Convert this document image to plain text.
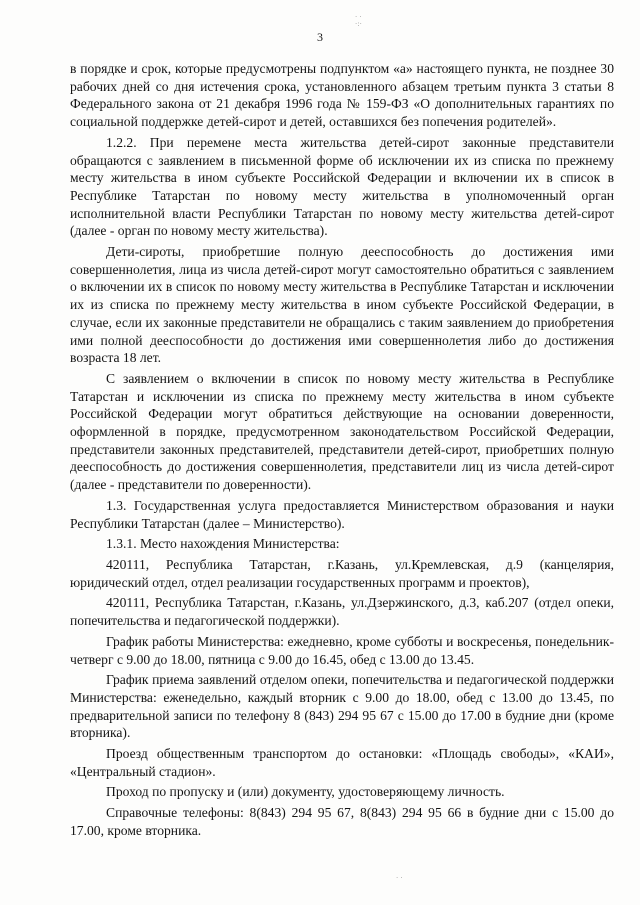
· ·
·:·
· ·
3

в порядке и срок, которые предусмотрены подпунктом «а» настоящего пункта, не позднее 30 рабочих дней со дня истечения срока, установленного абзацем третьим пункта 3 статьи 8 Федерального закона от 21 декабря 1996 года № 159-ФЗ «О дополнительных гарантиях по социальной поддержке детей-сирот и детей, оставшихся без попечения родителей».

1.2.2. При перемене места жительства детей-сирот законные представители обращаются с заявлением в письменной форме об исключении их из списка по прежнему месту жительства в ином субъекте Российской Федерации и включении их в список в Республике Татарстан по новому месту жительства в уполномоченный орган исполнительной власти Республики Татарстан по новому месту жительства детей-сирот (далее - орган по новому месту жительства).

Дети-сироты, приобретшие полную дееспособность до достижения ими совершеннолетия, лица из числа детей-сирот могут самостоятельно обратиться с заявлением о включении их в список по новому месту жительства в Республике Татарстан и исключении их из списка по прежнему месту жительства в ином субъекте Российской Федерации, в случае, если их законные представители не обращались с таким заявлением до приобретения ими полной дееспособности до достижения ими совершеннолетия либо до достижения возраста 18 лет.

С заявлением о включении в список по новому месту жительства в Республике Татарстан и исключении из списка по прежнему месту жительства в ином субъекте Российской Федерации могут обратиться действующие на основании доверенности, оформленной в порядке, предусмотренном законодательством Российской Федерации, представители законных представителей, представители детей-сирот, приобретших полную дееспособность до достижения совершеннолетия, представители лиц из числа детей-сирот (далее - представители по доверенности).

1.3. Государственная услуга предоставляется Министерством образования и науки Республики Татарстан (далее – Министерство).

1.3.1. Место нахождения Министерства:

420111, Республика Татарстан, г.Казань, ул.Кремлевская, д.9 (канцелярия, юридический отдел, отдел реализации государственных программ и проектов),

420111, Республика Татарстан, г.Казань, ул.Дзержинского, д.3, каб.207 (отдел опеки, попечительства и педагогической поддержки).

График работы Министерства: ежедневно, кроме субботы и воскресенья, понедельник-четверг с 9.00 до 18.00, пятница с 9.00 до 16.45, обед с 13.00 до 13.45.

График приема заявлений отделом опеки, попечительства и педагогической поддержки Министерства: еженедельно, каждый вторник с 9.00 до 18.00, обед с 13.00 до 13.45, по предварительной записи по телефону 8 (843) 294 95 67 с 15.00 до 17.00 в будние дни (кроме вторника).

Проезд общественным транспортом до остановки: «Площадь свободы», «КАИ», «Центральный стадион».

Проход по пропуску и (или) документу, удостоверяющему личность.

Справочные телефоны: 8(843) 294 95 67, 8(843) 294 95 66 в будние дни с 15.00 до 17.00, кроме вторника.
